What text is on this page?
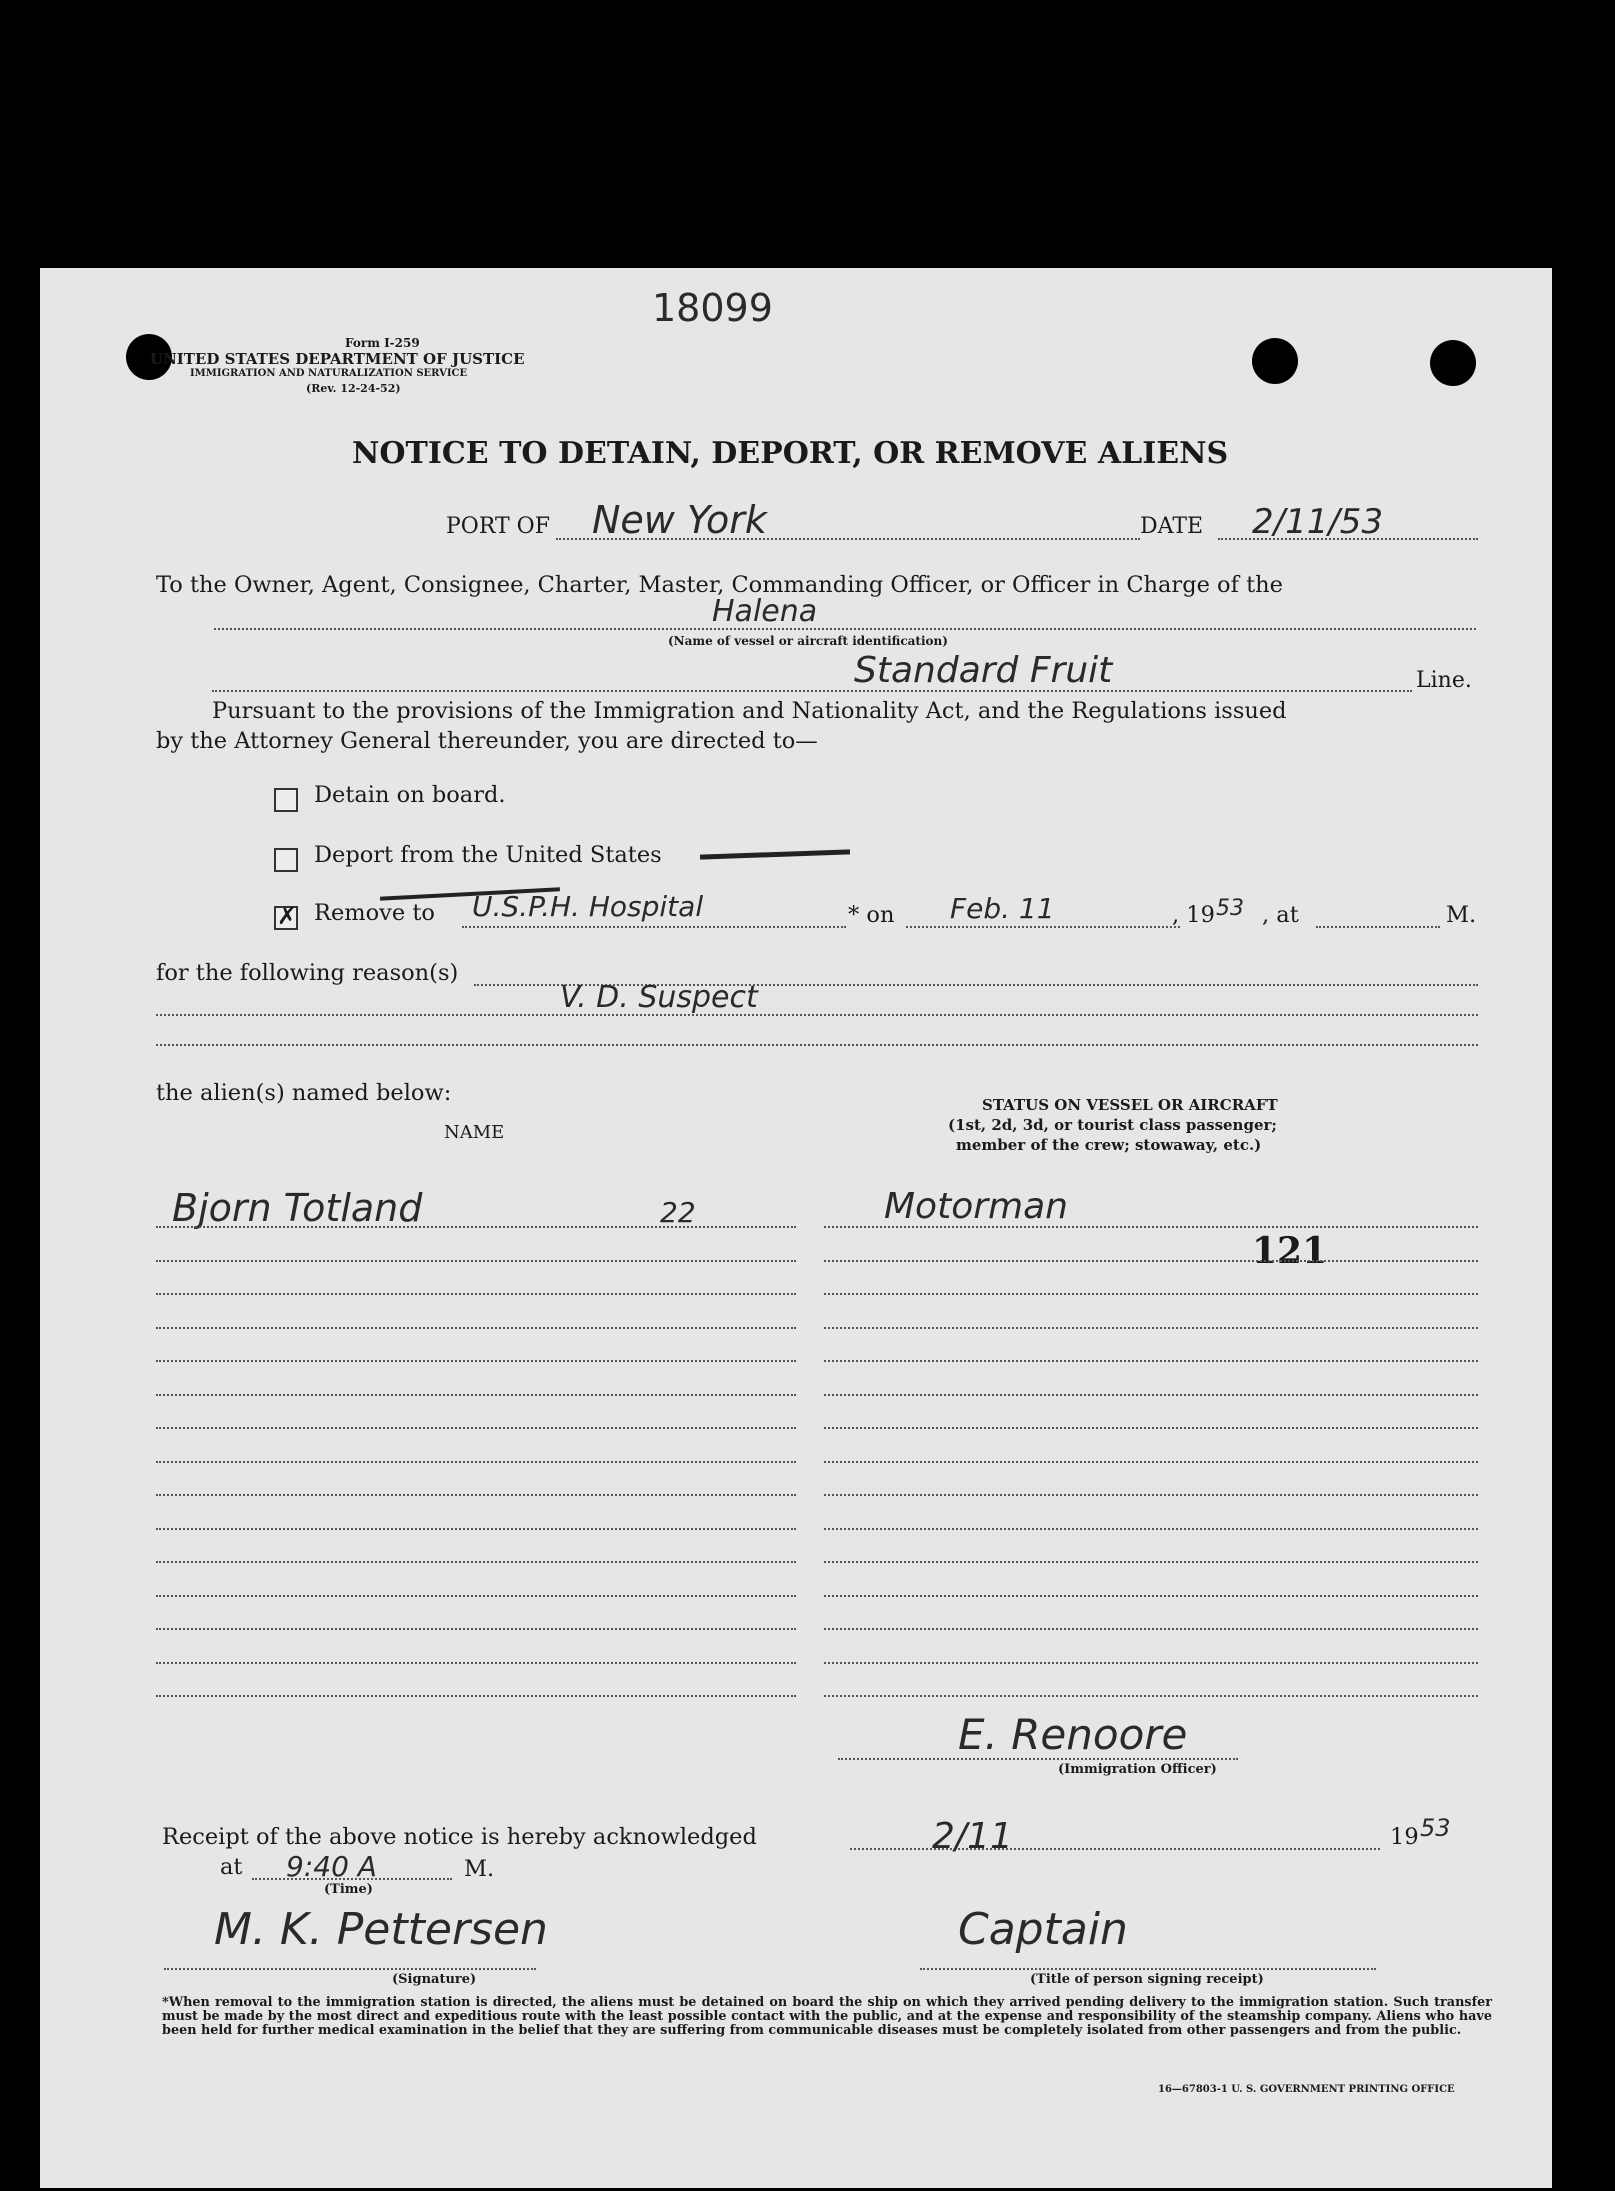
18099
Form I-259
UNITED STATES DEPARTMENT OF JUSTICE
IMMIGRATION AND NATURALIZATION SERVICE
(Rev. 12-24-52)
NOTICE TO DETAIN, DEPORT, OR REMOVE ALIENS
PORT OF New York	DATE 2/11/53
To the Owner, Agent, Consignee, Charter, Master, Commanding Officer, or Officer in Charge of the
Halena
(Name of vessel or aircraft identification)
Standard Fruit	Line.
Pursuant to the provisions of the Immigration and Nationality Act, and the Regulations issued
by the Attorney General thereunder, you are directed to—
Detain on board.
Deport from the United States
✗ Remove to U.S.P.H. Hospital	* on Feb. 11	, 19 53 , at	M.
for the following reason(s)
V. D. Suspect
the alien(s) named below:
NAME
STATUS ON VESSEL OR AIRCRAFT
(1st, 2d, 3d, or tourist class passenger;
member of the crew; stowaway, etc.)
Bjorn Totland	22	Motorman
121
E. Renoore
(Immigration Officer)
Receipt of the above notice is hereby acknowledged	2/11	19 53
at 9:40 A	M.
(Time)
M. K. Pettersen
(Signature)
Captain
(Title of person signing receipt)
*When removal to the immigration station is directed, the aliens must be detained on board the ship on which they arrived pending delivery to the immigration station. Such transfer must be made by the most direct and expeditious route with the least possible contact with the public, and at the expense and responsibility of the steamship company. Aliens who have been held for further medical examination in the belief that they are suffering from communicable diseases must be completely isolated from other passengers and from the public.
16—67803-1 U. S. GOVERNMENT PRINTING OFFICE
